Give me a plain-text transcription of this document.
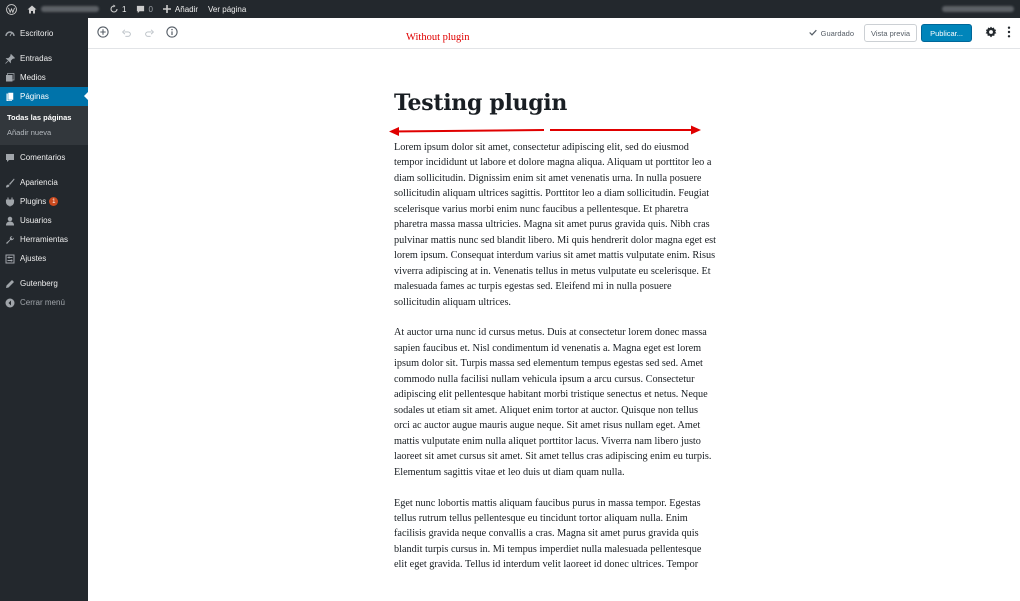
1	0	Añadir Ver página
Escritorio
Entradas
Medios
Páginas
Todas las páginas
Añadir nueva
Comentarios
Apariencia
Plugins 1
Usuarios
Herramientas
Ajustes
Gutenberg
Cerrar menú
Without plugin	Guardado	Vista previa	Publicar...
Testing plugin

Lorem ipsum dolor sit amet, consectetur adipiscing elit, sed do eiusmod tempor incididunt ut labore et dolore magna aliqua. Aliquam ut porttitor leo a diam sollicitudin. Dignissim enim sit amet venenatis urna. In nulla posuere sollicitudin aliquam ultrices sagittis. Porttitor leo a diam sollicitudin. Feugiat scelerisque varius morbi enim nunc faucibus a pellentesque. Et pharetra pharetra massa massa ultricies. Magna sit amet purus gravida quis. Nibh cras pulvinar mattis nunc sed blandit libero. Mi quis hendrerit dolor magna eget est lorem ipsum. Consequat interdum varius sit amet mattis vulputate enim. Risus viverra adipiscing at in. Venenatis tellus in metus vulputate eu scelerisque. Et malesuada fames ac turpis egestas sed. Eleifend mi in nulla posuere sollicitudin aliquam ultrices.

At auctor urna nunc id cursus metus. Duis at consectetur lorem donec massa sapien faucibus et. Nisl condimentum id venenatis a. Magna eget est lorem ipsum dolor sit. Turpis massa sed elementum tempus egestas sed sed. Amet commodo nulla facilisi nullam vehicula ipsum a arcu cursus. Consectetur adipiscing elit pellentesque habitant morbi tristique senectus et netus. Neque sodales ut etiam sit amet. Aliquet enim tortor at auctor. Quisque non tellus orci ac auctor augue mauris augue neque. Sit amet risus nullam eget. Amet mattis vulputate enim nulla aliquet porttitor lacus. Viverra nam libero justo laoreet sit amet cursus sit amet. Sit amet tellus cras adipiscing enim eu turpis. Elementum sagittis vitae et leo duis ut diam quam nulla.

Eget nunc lobortis mattis aliquam faucibus purus in massa tempor. Egestas tellus rutrum tellus pellentesque eu tincidunt tortor aliquam nulla. Enim facilisis gravida neque convallis a cras. Magna sit amet purus gravida quis blandit turpis cursus in. Mi tempus imperdiet nulla malesuada pellentesque elit eget gravida. Tellus id interdum velit laoreet id donec ultrices. Tempor
